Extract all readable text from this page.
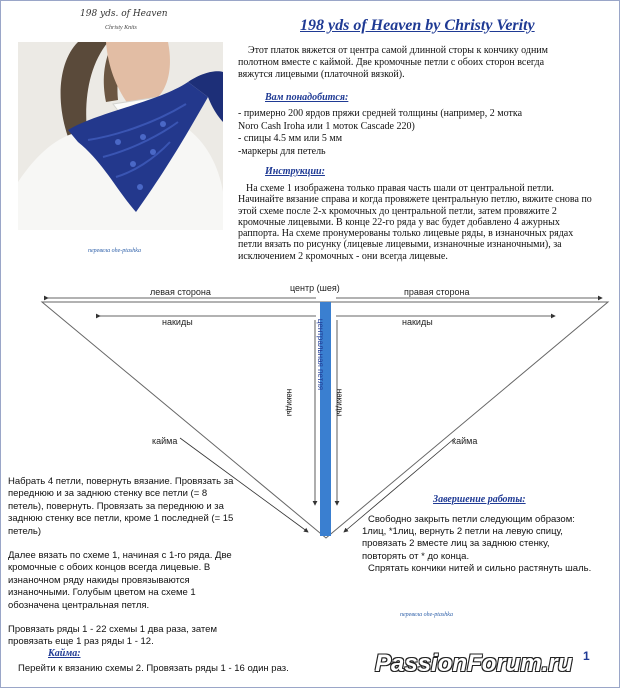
198 yds. of Heaven
Christy Knits
перевела ohe-ptashka
198 yds of Heaven by Christy Verity
Этот платок вяжется от центра самой длинной сторы к кончику одним полотном вместе с каймой. Две кромочные петли с обоих сторон всегда вяжутся лицевыми (платочной вязкой).
Вам понадобится:
- примерно 200 ярдов пряжи средней толщины (например, 2 мотка
Noro Cash Iroha или 1 моток Cascade 220)
- спицы 4.5 мм или 5 мм
-маркеры для петель
Инструкции:
На схеме 1 изображена только правая часть шали от центральной петли. Начинайте вязание справа и когда провяжете центральную петлю, вяжите снова по этой схеме после 2-х кромочных до центральной петли, затем провяжите 2 кромочные лицевыми. В конце 22-го ряда у вас будет добавлено 4 ажурных раппорта. На схеме пронумерованы только лицевые ряды, в изнаночных рядах петли вязать по рисунку (лицевые лицевыми, изнаночные изнаночными), за исключением 2 кромочных - они всегда лицевые.
левая сторона	центр (шея)	правая сторона
накиды	накиды
накиды	накиды
центральная петля
кайма	кайма

Набрать 4 петли, повернуть вязание. Провязать за переднюю и за заднюю стенку все петли (= 8 петель), повернуть. Провязать за переднюю и за заднюю стенку все петли, кроме 1 последней (= 15 петель)

Далее вязать по схеме 1, начиная с 1-го ряда. Две кромочные с обоих концов всегда лицевые. В изнаночном ряду накиды провязываются изнаночными. Голубым цветом на схеме 1 обозначена центральная петля.

Провязать ряды 1 - 22 схемы 1 два раза, затем провязать еще 1 раз ряды 1 - 12.

Кайма:
Перейти к вязанию схемы 2. Провязать ряды 1 - 16 один раз.
Завершение работы:
Свободно закрыть петли следующим образом:
1лиц, *1лиц, вернуть 2 петли на левую спицу,
провязать 2 вместе лиц за заднюю стенку,
повторять от * до конца.
Спрятать кончики нитей и сильно растянуть шаль.
перевела ohe-ptashka
1
PassionForum.ru
